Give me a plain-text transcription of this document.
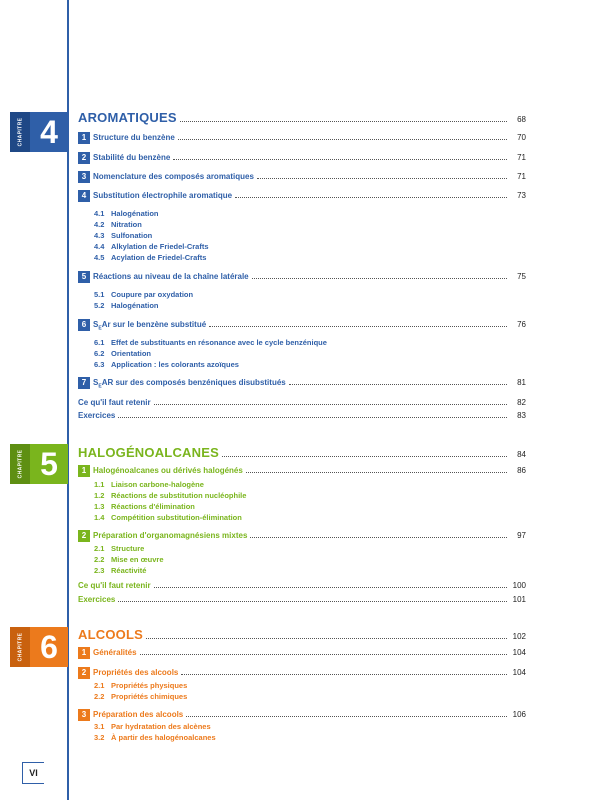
CHAPITRE 4	AROMATIQUES	68
1 Structure du benzène	70
2 Stabilité du benzène	71
3 Nomenclature des composés aromatiques	71
4 Substitution électrophile aromatique	73
4.1 Halogénation
4.2 Nitration
4.3 Sulfonation
4.4 Alkylation de Friedel-Crafts
4.5 Acylation de Friedel-Crafts
5 Réactions au niveau de la chaîne latérale	75
5.1 Coupure par oxydation
5.2 Halogénation
6 $S_EAr$ sur le benzène substitué	76
6.1 Effet de substituants en résonance avec le cycle benzénique
6.2 Orientation
6.3 Application : les colorants azoïques
7 $S_EAR$ sur des composés benzéniques disubstitués	81
Ce qu'il faut retenir	82
Exercices	83
CHAPITRE 5	HALOGÉNOALCANES	84
1 Halogénoalcanes ou dérivés halogénés	86
1.1 Liaison carbone-halogène
1.2 Réactions de substitution nucléophile
1.3 Réactions d'élimination
1.4 Compétition substitution-élimination
2 Préparation d'organomagnésiens mixtes	97
2.1 Structure
2.2 Mise en œuvre
2.3 Réactivité
Ce qu'il faut retenir	100
Exercices	101
CHAPITRE 6	ALCOOLS	102
1 Généralités	104
2 Propriétés des alcools	104
2.1 Propriétés physiques
2.2 Propriétés chimiques
3 Préparation des alcools	106
3.1 Par hydratation des alcènes
3.2 À partir des halogénoalcanes
VI
